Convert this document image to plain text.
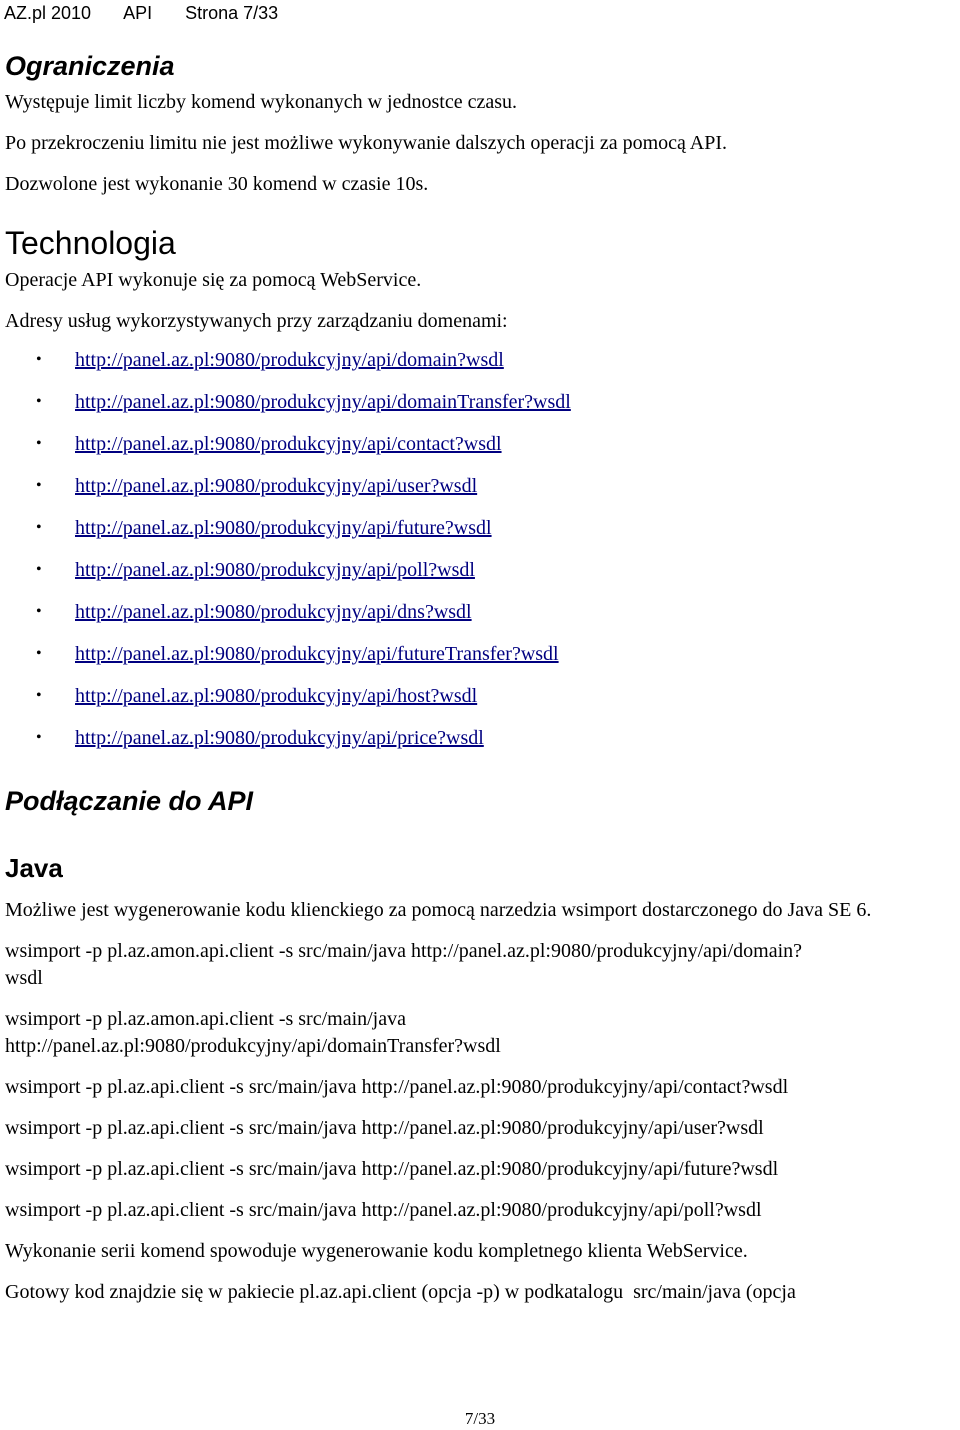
AZ.pl 2010 API Strona 7/33
Ograniczenia

Występuje limit liczby komend wykonanych w jednostce czasu.

Po przekroczeniu limitu nie jest możliwe wykonywanie dalszych operacji za pomocą API.

Dozwolone jest wykonanie 30 komend w czasie 10s.

Technologia

Operacje API wykonuje się za pomocą WebService.

Adresy usług wykorzystywanych przy zarządzaniu domenami:

• http://panel.az.pl:9080/produkcyjny/api/domain?wsdl
• http://panel.az.pl:9080/produkcyjny/api/domainTransfer?wsdl
• http://panel.az.pl:9080/produkcyjny/api/contact?wsdl
• http://panel.az.pl:9080/produkcyjny/api/user?wsdl
• http://panel.az.pl:9080/produkcyjny/api/future?wsdl
• http://panel.az.pl:9080/produkcyjny/api/poll?wsdl
• http://panel.az.pl:9080/produkcyjny/api/dns?wsdl
• http://panel.az.pl:9080/produkcyjny/api/futureTransfer?wsdl
• http://panel.az.pl:9080/produkcyjny/api/host?wsdl
• http://panel.az.pl:9080/produkcyjny/api/price?wsdl
Podłączanie do API
Java

Możliwe jest wygenerowanie kodu klienckiego za pomocą narzedzia wsimport dostarczonego do Java SE 6.

wsimport -p pl.az.amon.api.client -s src/main/java http://panel.az.pl:9080/produkcyjny/api/domain?
wsdl

wsimport -p pl.az.amon.api.client -s src/main/java
http://panel.az.pl:9080/produkcyjny/api/domainTransfer?wsdl

wsimport -p pl.az.api.client -s src/main/java http://panel.az.pl:9080/produkcyjny/api/contact?wsdl

wsimport -p pl.az.api.client -s src/main/java http://panel.az.pl:9080/produkcyjny/api/user?wsdl

wsimport -p pl.az.api.client -s src/main/java http://panel.az.pl:9080/produkcyjny/api/future?wsdl

wsimport -p pl.az.api.client -s src/main/java http://panel.az.pl:9080/produkcyjny/api/poll?wsdl

Wykonanie serii komend spowoduje wygenerowanie kodu kompletnego klienta WebService.

Gotowy kod znajdzie się w pakiecie pl.az.api.client (opcja -p) w podkatalogu  src/main/java (opcja

7/33
